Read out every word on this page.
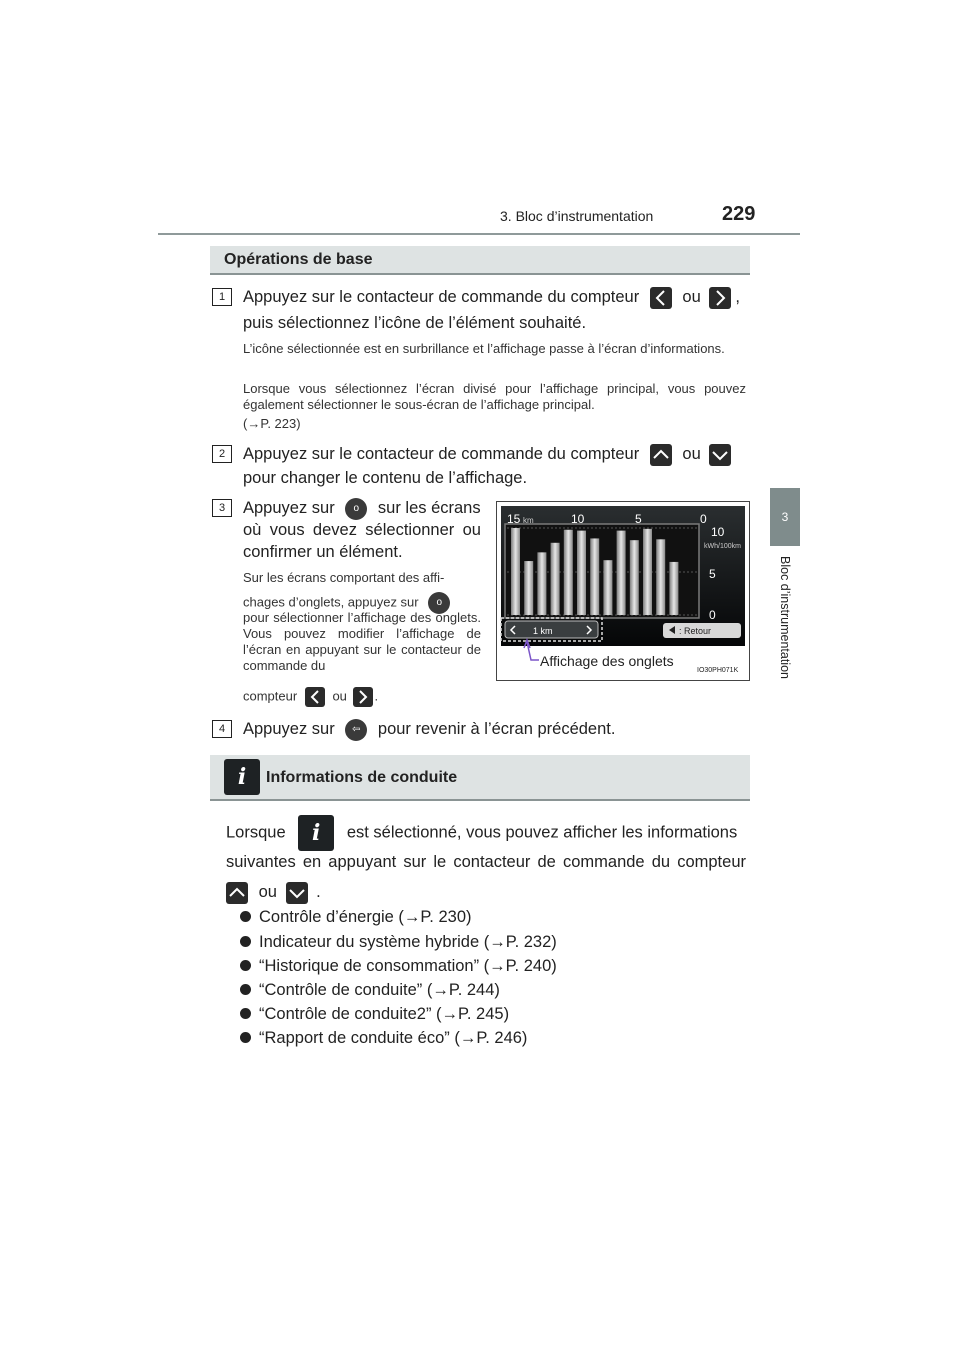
3. Bloc d’instrumentation	229
3
Bloc d’instrumentation
Opérations de base
1	Appuyez sur le contacteur de commande du compteur	ou ,
puis sélectionnez l’icône de l’élément souhaité.
L’icône sélectionnée est en surbrillance et l’affichage passe à l’écran d’informations.
Lorsque vous sélectionnez l’écran divisé pour l’affichage principal, vous pouvez également sélectionner le sous-écran de l’affichage principal.
(→P. 223)
2	Appuyez sur le contacteur de commande du compteur	ou
pour changer le contenu de l’affichage.
3	Appuyez sur o sur les écrans
où vous devez sélectionner ou
confirmer un élément.
Sur les écrans comportant des affi-
chages d’onglets, appuyez sur o
pour sélectionner l’affichage des onglets. Vous pouvez modifier l’affichage de l’écran en appuyant sur le contacteur de commande du
compteur	ou .
15 km	10	5	0
10
kWh/100km
5
0
1 km	: Retour
Affichage des onglets
IO30PH071K
4	Appuyez sur ⇦ pour revenir à l’écran précédent.
i	Informations de conduite
Lorsque i est sélectionné, vous pouvez afficher les informations
suivantes en appuyant sur le contacteur de commande du compteur
ou .
Contrôle d’énergie (→P. 230)
Indicateur du système hybride (→P. 232)
“Historique de consommation” (→P. 240)
“Contrôle de conduite” (→P. 244)
“Contrôle de conduite2” (→P. 245)
“Rapport de conduite éco” (→P. 246)
